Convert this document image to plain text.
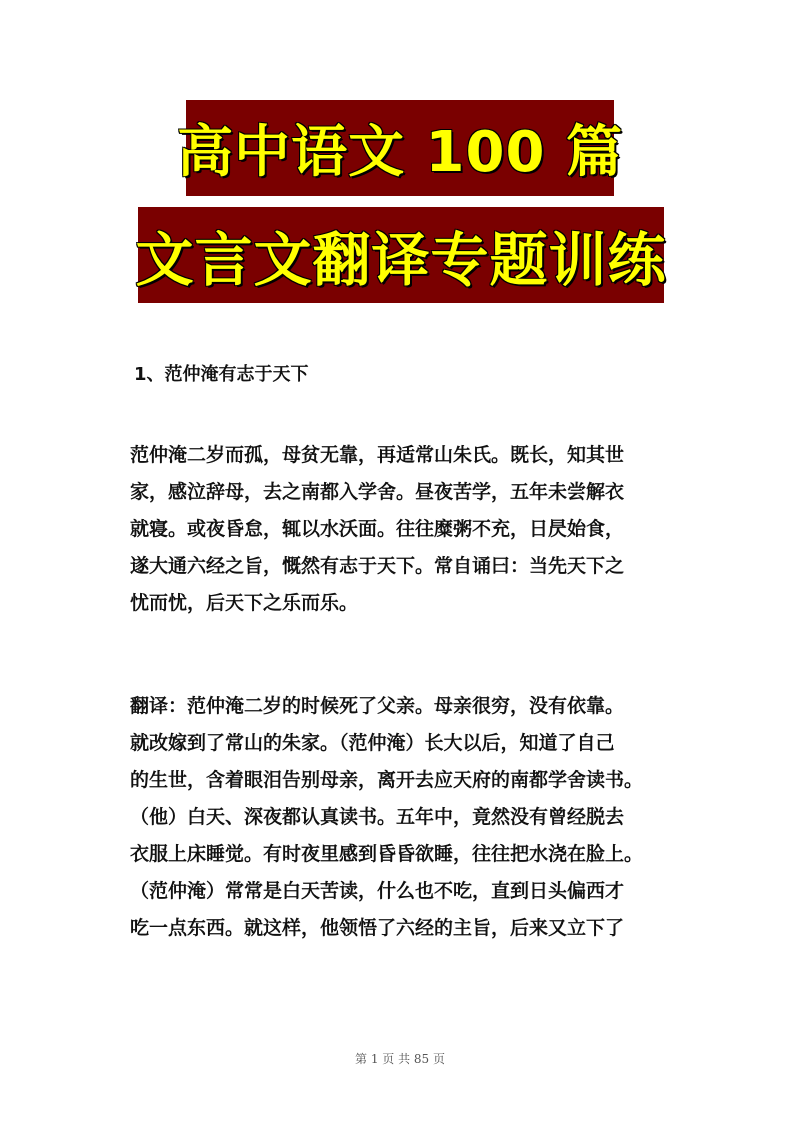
高中语文 100 篇
文言文翻译专题训练
1、范仲淹有志于天下
范仲淹二岁而孤，母贫无靠，再适常山朱氏。既长，知其世
家，感泣辞母，去之南都入学舍。昼夜苦学，五年未尝解衣
就寝。或夜昏怠，辄以水沃面。往往糜粥不充，日昃始食，
遂大通六经之旨，慨然有志于天下。常自诵曰：当先天下之
忧而忧，后天下之乐而乐。
翻译：范仲淹二岁的时候死了父亲。母亲很穷，没有依靠。
就改嫁到了常山的朱家。（范仲淹）长大以后，知道了自己
的生世，含着眼泪告别母亲，离开去应天府的南都学舍读书。
（他）白天、深夜都认真读书。五年中，竟然没有曾经脱去
衣服上床睡觉。有时夜里感到昏昏欲睡，往往把水浇在脸上。
（范仲淹）常常是白天苦读，什么也不吃，直到日头偏西才
吃一点东西。就这样，他领悟了六经的主旨，后来又立下了
第 1 页 共 85 页
